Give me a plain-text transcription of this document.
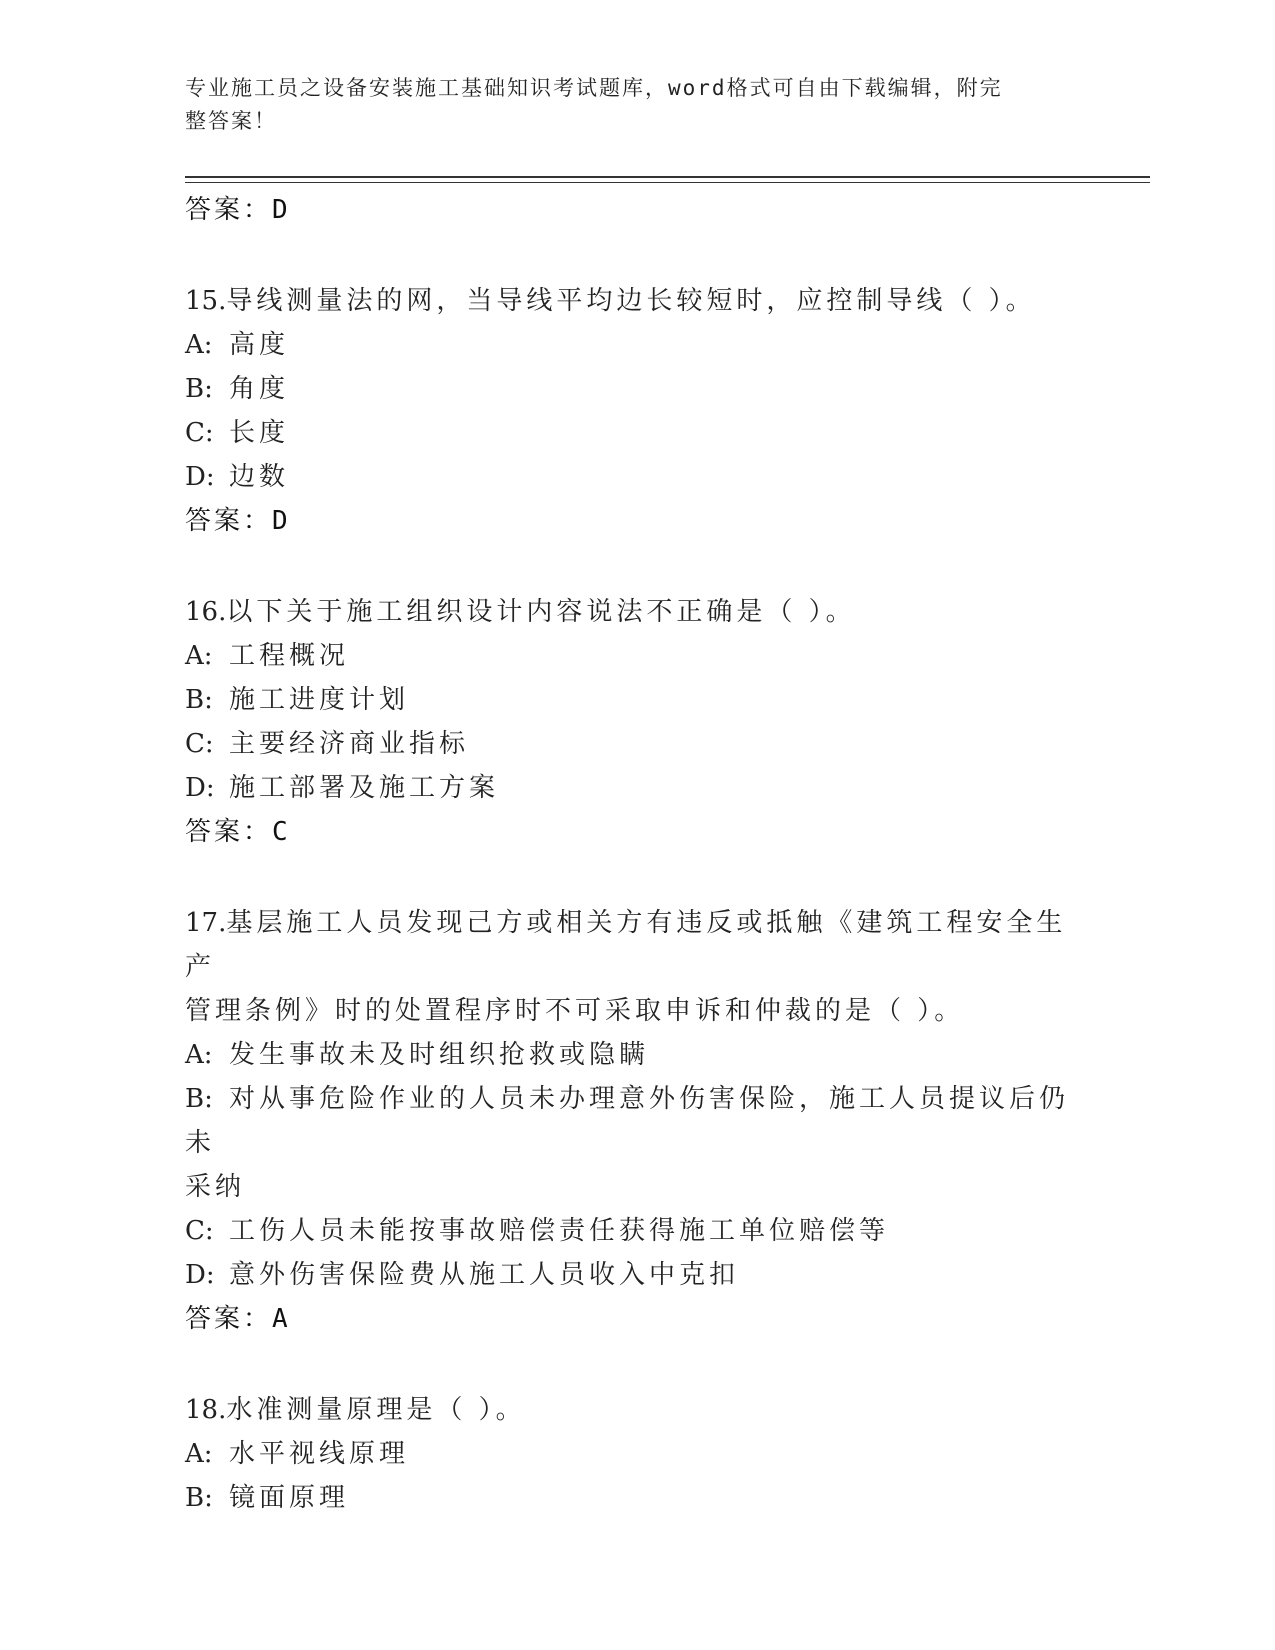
专业施工员之设备安装施工基础知识考试题库，word格式可自由下载编辑，附完
整答案！
答案：D
15.导线测量法的网，当导线平均边长较短时，应控制导线（ ）。
A: 高度
B: 角度
C: 长度
D: 边数
答案：D
16.以下关于施工组织设计内容说法不正确是（ ）。
A: 工程概况
B: 施工进度计划
C: 主要经济商业指标
D: 施工部署及施工方案
答案：C
17.基层施工人员发现己方或相关方有违反或抵触《建筑工程安全生产
管理条例》时的处置程序时不可采取申诉和仲裁的是（ ）。
A: 发生事故未及时组织抢救或隐瞒
B: 对从事危险作业的人员未办理意外伤害保险，施工人员提议后仍未
采纳
C: 工伤人员未能按事故赔偿责任获得施工单位赔偿等
D: 意外伤害保险费从施工人员收入中克扣
答案：A
18.水准测量原理是（ ）。
A: 水平视线原理
B: 镜面原理
